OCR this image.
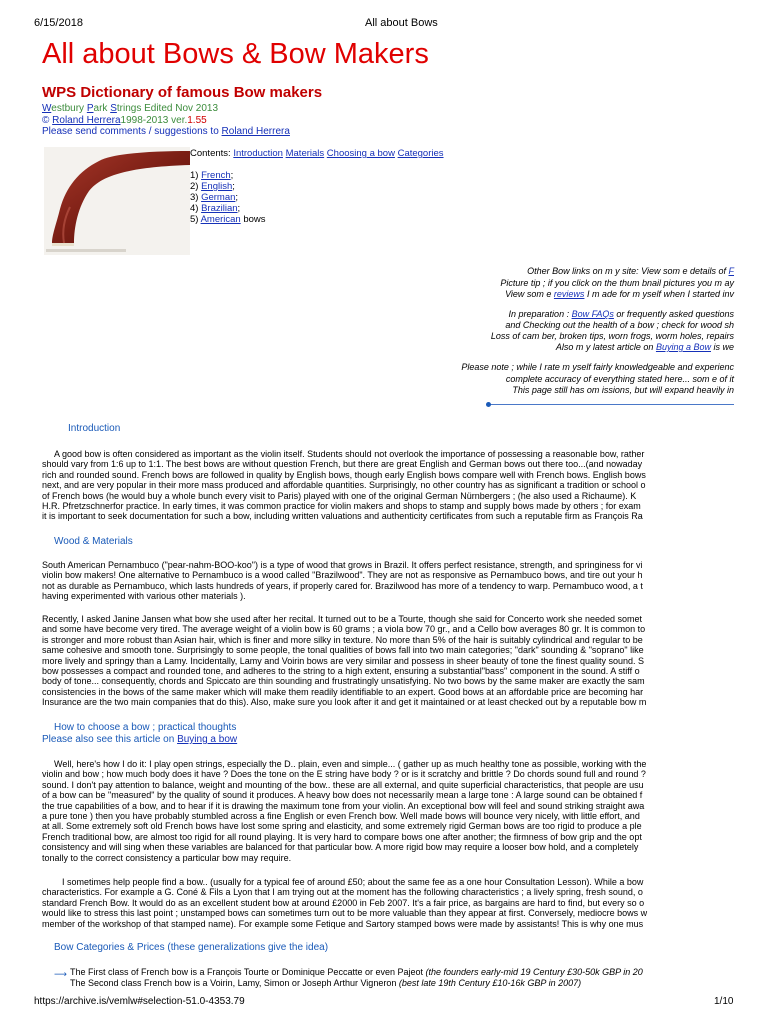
6/15/2018	All about Bows
All about Bows & Bow Makers
WPS Dictionary of famous Bow makers
Westbury Park Strings Edited Nov 2013
© Roland Herrera1998-2013 ver.1.55
Please send comments / suggestions to Roland Herrera
Contents: Introduction Materials Choosing a bow Categories
1) French;
2) English;
3) German;
4) Brazilian;
5) American bows
Other Bow links on m y site: View som e details of F
Picture tip ; if you click on the thum bnail pictures you m ay
View som e reviews I m ade for m yself when I started inv
In preparation : Bow FAQs or frequently asked questions
and Checking out the health of a bow ; check for wood sh
Loss of cam ber, broken tips, worn frogs, worm holes, repairs
Also m y latest article on Buying a Bow is we
Please note ; while I rate m yself fairly knowledgeable and experienc
complete accuracy of everything stated here... som e of it
This page still has om issions, but will expand heavily in
Introduction
A good bow is often considered as important as the violin itself. Students should not overlook the importance of possessing a reasonable bow, rather
should vary from 1:6 up to 1:1. The best bows are without question French, but there are great English and German bows out there too...(and nowaday
rich and rounded sound. French bows are followed in quality by English bows, though early English bows compare well with French bows. English bows
next, and are very popular in their more mass produced and affordable quantities. Surprisingly, no other country has as significant a tradition or school o
of French bows (he would buy a whole bunch every visit to Paris) played with one of the original German Nürnbergers ; (he also used a Richaume). K
H.R. Pfretzschnerfor practice. In early times, it was common practice for violin makers and shops to stamp and supply bows made by others ; for exam
it is important to seek documentation for such a bow, including written valuations and authenticity certificates from such a reputable firm as François Ra
Wood & Materials
South American Pernambuco ("pear-nahm-BOO-koo") is a type of wood that grows in Brazil. It offers perfect resistance, strength, and springiness for vi
violin bow makers! One alternative to Pernambuco is a wood called "Brazilwood". They are not as responsive as Pernambuco bows, and tire out your h
not as durable as Pernambuco, which lasts hundreds of years, if properly cared for. Brazilwood has more of a tendency to warp. Pernambuco wood, a t
having experimented with various other materials ).
Recently, I asked Janine Jansen what bow she used after her recital. It turned out to be a Tourte, though she said for Concerto work she needed somet
and some have become very tired. The average weight of a violin bow is 60 grams ; a viola bow 70 gr., and a Cello bow averages 80 gr. It is common to
is stronger and more robust than Asian hair, which is finer and more silky in texture. No more than 5% of the hair is suitably cylindrical and regular to be
same cohesive and smooth tone. Surprisingly to some people, the tonal qualities of bows fall into two main categories; "dark" sounding & "soprano" like
more lively and springy than a Lamy. Incidentally, Lamy and Voirin bows are very similar and possess in sheer beauty of tone the finest quality sound. S
bow possesses a compact and rounded tone, and adheres to the string to a high extent, ensuring a substantial"bass" component in the sound. A stiff o
body of tone... consequently, chords and Spiccato are thin sounding and frustratingly unsatisfying. No two bows by the same maker are exactly the sam
consistencies in the bows of the same maker which will make them readily identifiable to an expert. Good bows at an affordable price are becoming har
Insurance are the two main companies that do this). Also, make sure you look after it and get it maintained or at least checked out by a reputable bow m
How to choose a bow ; practical thoughts
Please also see this article on Buying a bow
Well, here's how I do it: I play open strings, especially the D.. plain, even and simple... ( gather up as much healthy tone as possible, working with the
violin and bow ; how much body does it have ? Does the tone on the E string have body ? or is it scratchy and brittle ? Do chords sound full and round ?
sound. I don't pay attention to balance, weight and mounting of the bow.. these are all external, and quite superficial characteristics, that people are usu
of a bow can be "measured" by the quality of sound it produces. A heavy bow does not necessarily mean a large tone : A large sound can be obtained f
the true capabilities of a bow, and to hear if it is drawing the maximum tone from your violin. An exceptional bow will feel and sound striking straight awa
a pure tone ) then you have probably stumbled across a fine English or even French bow. Well made bows will bounce very nicely, with little effort, and
at all. Some extremely soft old French bows have lost some spring and elasticity, and some extremely rigid German bows are too rigid to produce a ple
French traditional bow, are almost too rigid for all round playing. It is very hard to compare bows one after another; the firmness of bow grip and the opt
consistency and will sing when these variables are balanced for that particular bow. A more rigid bow may require a looser bow hold, and a completely
tonally to the correct consistency a particular bow may require.
I sometimes help people find a bow.. (usually for a typical fee of around £50; about the same fee as a one hour Consultation Lesson). While a bow
characteristics. For example a G. Coné & Fils a Lyon that I am trying out at the moment has the following characteristics ; a lively spring, fresh sound, o
standard French Bow. It would do as an excellent student bow at around £2000 in Feb 2007. It's a fair price, as bargains are hard to find, but every so o
would like to stress this last point ; unstamped bows can sometimes turn out to be more valuable than they appear at first. Conversely, mediocre bows w
member of the workshop of that stamped name). For example some Fetique and Sartory stamped bows were made by assistants! This is why one mus
Bow Categories & Prices (these generalizations give the idea)
⟶ The First class of French bow is a François Tourte or Dominique Peccatte or even Pajeot (the founders early-mid 19 Century £30-50k GBP in 20
The Second class French bow is a Voirin, Lamy, Simon or Joseph Arthur Vigneron (best late 19th Century £10-16k GBP in 2007)
https://archive.is/vemlw#selection-51.0-4353.79	1/10
